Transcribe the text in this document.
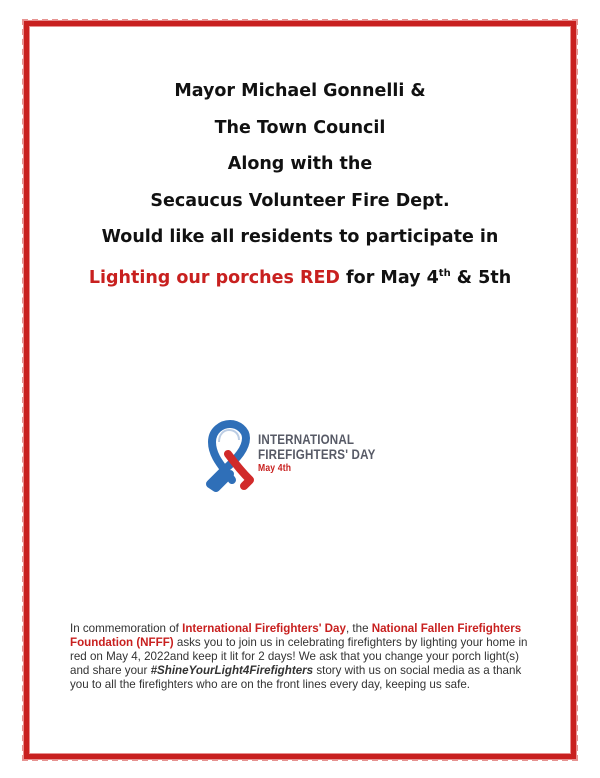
Mayor Michael Gonnelli &
The Town Council
Along with the
Secaucus Volunteer Fire Dept.
Would like all residents to participate in
Lighting our porches RED for May 4th & 5th

INTERNATIONAL
FIREFIGHTERS' DAY
May 4th

In commemoration of International Firefighters' Day, the National Fallen Firefighters Foundation (NFFF) asks you to join us in celebrating firefighters by lighting your home in red on May 4, 2022and keep it lit for 2 days! We ask that you change your porch light(s) and share your #ShineYourLight4Firefighters story with us on social media as a thank you to all the firefighters who are on the front lines every day, keeping us safe.
